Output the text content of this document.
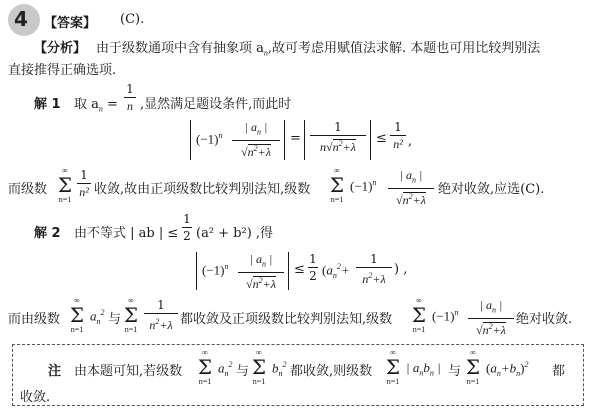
4 【答案】 (C).
【分析】 由于级数通项中含有抽象项 $a_n$,故可考虑用赋值法求解. 本题也可用比较判别法
直接推得正确选项.
解 1 取 $a_n$ =
1
n ,显然满足题设条件,而此时
$(-1)^n$
| $a_n$ |
$√n^2+\lambda$
=
1
$n√n^2+\lambda$
≤
1
n² ,
而级数
∞
Σ
n=1
1
n² 收敛,故由正项级数比较判别法知,级数
∞
Σ
n=1
$(-1)^n$
| $a_n$ |
$√n^2+\lambda$
绝对收敛,应选(C).
解 2 由不等式 | ab | ≤
1
2 (a² + b²) ,得
$(-1)^n$
| $a_n$ |
$√n^2+\lambda$
≤
1
2 ($a_n^2+$
1
$n^2+\lambda$
) ,
而由级数
∞
Σ
n=1
$a_n^2$ 与
∞
Σ
n=1
1
$n^2+\lambda$ 都收敛及正项级数比较判别法知,级数
∞
Σ
n=1
$(-1)^n$
| $a_n$ |
$√n^2+\lambda$
绝对收敛.
注 由本题可知,若级数
∞
Σ
n=1
$a_n^2$ 与
∞
Σ
n=1
$b_n^2$ 都收敛,则级数
∞
Σ
n=1
| $a_nb_n$ | 与
∞
Σ
n=1
$(a_n+b_n)^2$ 都
收敛.
